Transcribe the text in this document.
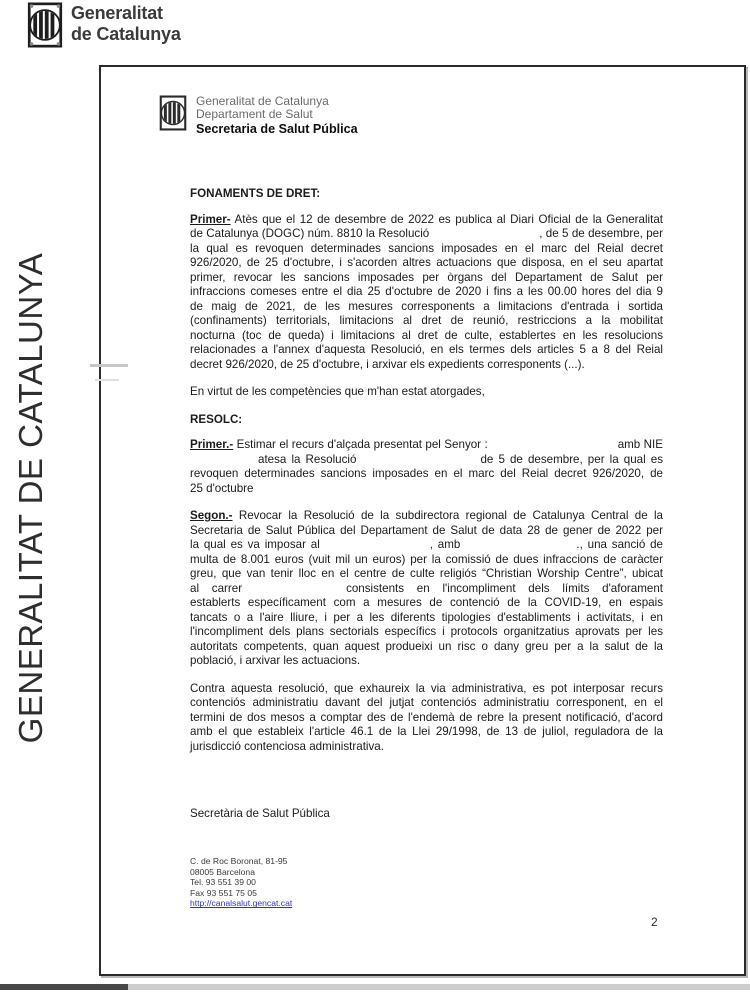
Generalitat
de Catalunya
GENERALITAT DE CATALUNYA
Generalitat de Catalunya
Departament de Salut
Secretaria de Salut Pública
FONAMENTS DE DRET:
Primer- Atès que el 12 de desembre de 2022 es publica al Diari Oficial de la Generalitat
de Catalunya (DOGC) núm. 8810 la Resolució	, de 5 de desembre, per
la qual es revoquen determinades sancions imposades en el marc del Reial decret
926/2020, de 25 d'octubre, i s'acorden altres actuacions que disposa, en el seu apartat
primer, revocar les sancions imposades per òrgans del Departament de Salut per
infraccions comeses entre el dia 25 d'octubre de 2020 i fins a les 00.00 hores del dia 9
de maig de 2021, de les mesures corresponents a limitacions d'entrada i sortida
(confinaments) territorials, limitacions al dret de reunió, restriccions a la mobilitat
nocturna (toc de queda) i limitacions al dret de culte, establertes en les resolucions
relacionades a l'annex d'aquesta Resolució, en els termes dels articles 5 a 8 del Reial
decret 926/2020, de 25 d'octubre, i arxivar els expedients corresponents (...).
En virtut de les competències que m'han estat atorgades,
RESOLC:
Primer.- Estimar el recurs d'alçada presentat pel Senyor :	amb NIE
atesa la Resolució	de 5 de desembre, per la qual es
revoquen determinades sancions imposades en el marc del Reial decret 926/2020, de
25 d'octubre
Segon.- Revocar la Resolució de la subdirectora regional de Catalunya Central de la
Secretaria de Salut Pública del Departament de Salut de data 28 de gener de 2022 per
la qual es va imposar al	, amb	., una sanció de
multa de 8.001 euros (vuit mil un euros) per la comissió de dues infraccions de caràcter
greu, que van tenir lloc en el centre de culte religiós “Christian Worship Centre”, ubicat
al carrer	consistents en l'incompliment dels límits d'aforament
establerts específicament com a mesures de contenció de la COVID-19, en espais
tancats o a l'aire lliure, i per a les diferents tipologies d'establiments i activitats, i en
l'incompliment dels plans sectorials específics i protocols organitzatius aprovats per les
autoritats competents, quan aquest produeixi un risc o dany greu per a la salut de la
població, i arxivar les actuacions.
Contra aquesta resolució, que exhaureix la via administrativa, es pot interposar recurs
contenciós administratiu davant del jutjat contenciós administratiu corresponent, en el
termini de dos mesos a comptar des de l'endemà de rebre la present notificació, d'acord
amb el que estableix l'article 46.1 de la Llei 29/1998, de 13 de juliol, reguladora de la
jurisdicció contenciosa administrativa.
Secretària de Salut Pública
C. de Roc Boronat, 81-95
08005 Barcelona
Tel. 93 551 39 00
Fax 93 551 75 05
http://canalsalut.gencat.cat
2
